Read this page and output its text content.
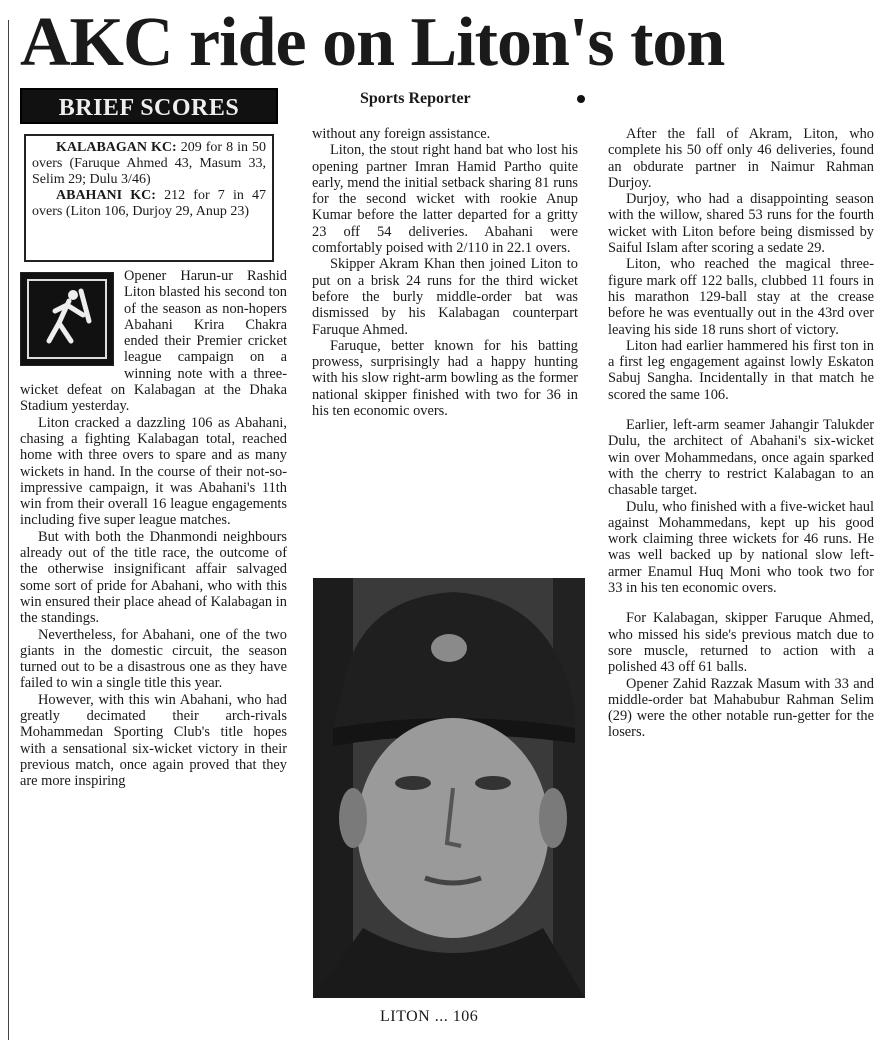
AKC ride on Liton's ton
BRIEF SCORES	Sports Reporter

KALABAGAN KC: 209 for 8 in 50 overs (Faruque Ahmed 43, Masum 33, Selim 29; Dulu 3/46)

ABAHANI KC: 212 for 7 in 47 overs (Liton 106, Durjoy 29, Anup 23)

Opener Harun-ur Rashid Liton blasted his second ton of the season as non-hopers Abahani Krira Chakra ended their Premier cricket league campaign on a winning note with a three-wicket defeat on Kalabagan at the Dhaka Stadium yesterday.

Liton cracked a dazzling 106 as Abahani, chasing a fighting Kalabagan total, reached home with three overs to spare and as many wickets in hand. In the course of their not-so-impressive campaign, it was Abahani's 11th win from their overall 16 league engagements including five super league matches.

But with both the Dhanmondi neighbours already out of the title race, the outcome of the otherwise insignificant affair salvaged some sort of pride for Abahani, who with this win ensured their place ahead of Kalabagan in the standings.

Nevertheless, for Abahani, one of the two giants in the domestic circuit, the season turned out to be a disastrous one as they have failed to win a single title this year.

However, with this win Abahani, who had greatly decimated their arch-rivals Mohammedan Sporting Club's title hopes with a sensational six-wicket victory in their previous match, once again proved that they are more inspiring

without any foreign assistance.

Liton, the stout right hand bat who lost his opening partner Imran Hamid Partho quite early, mend the initial setback sharing 81 runs for the second wicket with rookie Anup Kumar before the latter departed for a gritty 23 off 54 deliveries. Abahani were comfortably poised with 2/110 in 22.1 overs.

Skipper Akram Khan then joined Liton to put on a brisk 24 runs for the third wicket before the burly middle-order bat was dismissed by his Kalabagan counterpart Faruque Ahmed.

Faruque, better known for his batting prowess, surprisingly had a happy hunting with his slow right-arm bowling as the former national skipper finished with two for 36 in his ten economic overs.

LITON ... 106

After the fall of Akram, Liton, who complete his 50 off only 46 deliveries, found an obdurate partner in Naimur Rahman Durjoy.

Durjoy, who had a disappointing season with the willow, shared 53 runs for the fourth wicket with Liton before being dismissed by Saiful Islam after scoring a sedate 29.

Liton, who reached the magical three-figure mark off 122 balls, clubbed 11 fours in his marathon 129-ball stay at the crease before he was eventually out in the 43rd over leaving his side 18 runs short of victory.

Liton had earlier hammered his first ton in a first leg engagement against lowly Eskaton Sabuj Sangha. Incidentally in that match he scored the same 106.

Earlier, left-arm seamer Jahangir Talukder Dulu, the architect of Abahani's six-wicket win over Mohammedans, once again sparked with the cherry to restrict Kalabagan to an chasable target.

Dulu, who finished with a five-wicket haul against Mohammedans, kept up his good work claiming three wickets for 46 runs. He was well backed up by national slow left-armer Enamul Huq Moni who took two for 33 in his ten economic overs.

For Kalabagan, skipper Faruque Ahmed, who missed his side's previous match due to sore muscle, returned to action with a polished 43 off 61 balls.

Opener Zahid Razzak Masum with 33 and middle-order bat Mahabubur Rahman Selim (29) were the other notable run-getter for the losers.
